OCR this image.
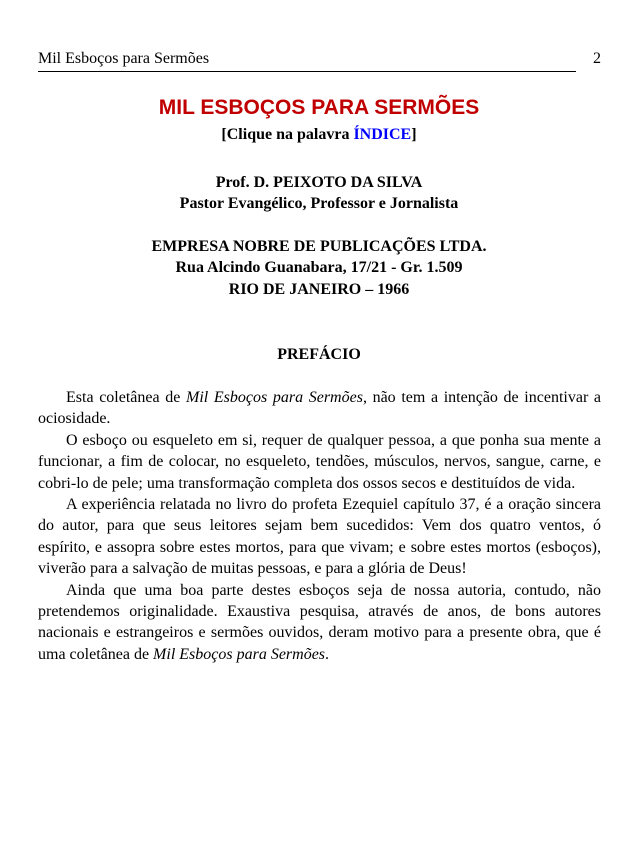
Mil Esboços para Sermões	2
MIL ESBOÇOS PARA SERMÕES
[Clique na palavra ÍNDICE]
Prof. D. PEIXOTO DA SILVA
Pastor Evangélico, Professor e Jornalista
EMPRESA NOBRE DE PUBLICAÇÕES LTDA.
Rua Alcindo Guanabara, 17/21 - Gr. 1.509
RIO DE JANEIRO – 1966
PREFÁCIO

Esta coletânea de Mil Esboços para Sermões, não tem a intenção de incentivar a ociosidade.

O esboço ou esqueleto em si, requer de qualquer pessoa, a que ponha sua mente a funcionar, a fim de colocar, no esqueleto, tendões, músculos, nervos, sangue, carne, e cobri-lo de pele; uma transformação completa dos ossos secos e destituídos de vida.

A experiência relatada no livro do profeta Ezequiel capítulo 37, é a oração sincera do autor, para que seus leitores sejam bem sucedidos: Vem dos quatro ventos, ó espírito, e assopra sobre estes mortos, para que vivam; e sobre estes mortos (esboços), viverão para a salvação de muitas pessoas, e para a glória de Deus!

Ainda que uma boa parte destes esboços seja de nossa autoria, contudo, não pretendemos originalidade. Exaustiva pesquisa, através de anos, de bons autores nacionais e estrangeiros e sermões ouvidos, deram motivo para a presente obra, que é uma coletânea de Mil Esboços para Sermões.
